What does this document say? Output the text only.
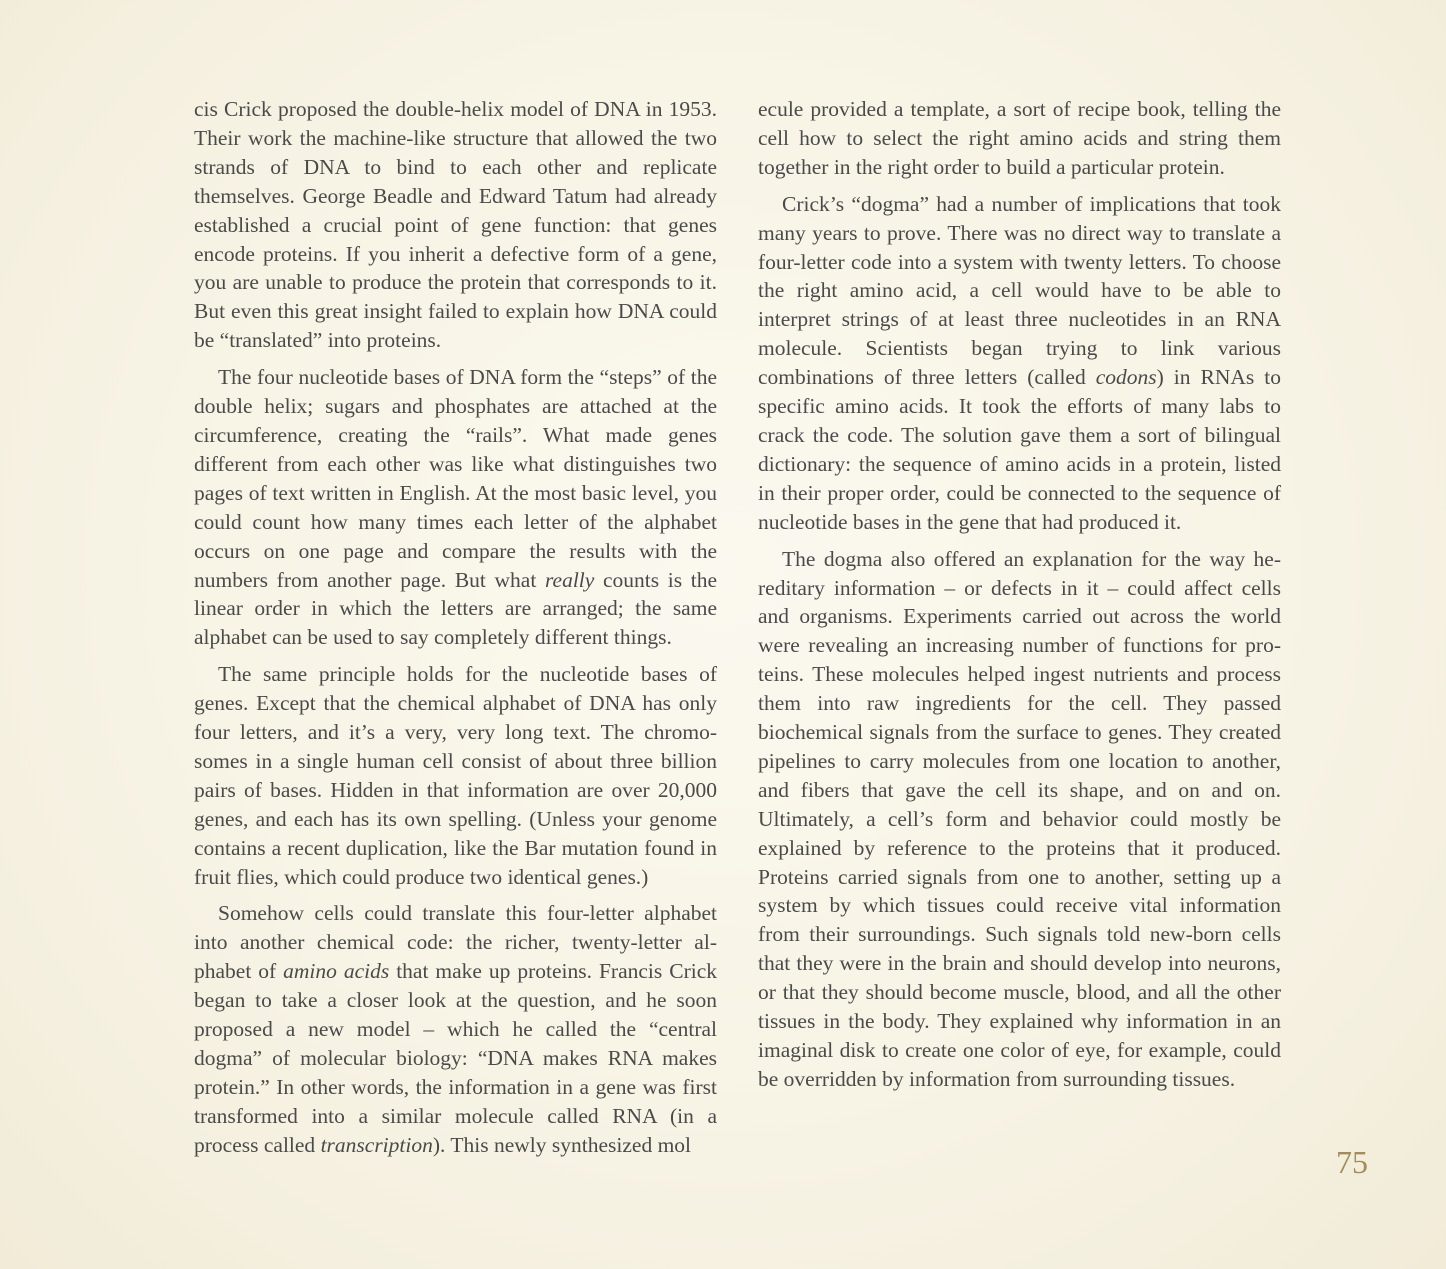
cis Crick proposed the double-helix model of DNA in 1953. Their work the machine-like structure that allowed the two strands of DNA to bind to each other and replicate themselves. George Beadle and Edward Tatum had already established a crucial point of gene function: that genes encode proteins. If you inherit a defective form of a gene, you are unable to produce the protein that corresponds to it. But even this great insight failed to explain how DNA could be “translated” into proteins.

The four nucleotide bases of DNA form the “steps” of the double helix; sugars and phosphates are attached at the circumference, creating the “rails”. What made genes different from each other was like what distinguishes two pages of text written in English. At the most basic level, you could count how many times each letter of the alphabet occurs on one page and compare the results with the numbers from another page. But what really counts is the linear order in which the letters are arranged; the same alphabet can be used to say completely different things.

The same principle holds for the nucleotide bases of genes. Except that the chemical alphabet of DNA has only four letters, and it’s a very, very long text. The chromosomes in a single human cell consist of about three billion pairs of bases. Hidden in that information are over 20,000 genes, and each has its own spelling. (Unless your genome contains a recent duplication, like the Bar mutation found in fruit flies, which could produce two identical genes.)

Somehow cells could translate this four-letter alphabet into another chemical code: the richer, twenty-letter alphabet of amino acids that make up proteins. Francis Crick began to take a closer look at the question, and he soon proposed a new model – which he called the “central dogma” of molecular biology: “DNA makes RNA makes protein.” In other words, the information in a gene was first transformed into a similar molecule called RNA (in a process called transcription). This newly synthesized mol

ecule provided a template, a sort of recipe book, telling the cell how to select the right amino acids and string them together in the right order to build a particular protein.

Crick’s “dogma” had a number of implications that took many years to prove. There was no direct way to translate a four-letter code into a system with twenty letters. To choose the right amino acid, a cell would have to be able to interpret strings of at least three nucleotides in an RNA molecule. Scientists began trying to link various combinations of three letters (called codons) in RNAs to specific amino acids. It took the efforts of many labs to crack the code. The solution gave them a sort of bilingual dictionary: the sequence of amino acids in a protein, listed in their proper order, could be connected to the sequence of nucleotide bases in the gene that had produced it.

The dogma also offered an explanation for the way hereditary information – or defects in it – could affect cells and organisms. Experiments carried out across the world were revealing an increasing number of functions for proteins. These molecules helped ingest nutrients and process them into raw ingredients for the cell. They passed biochemical signals from the surface to genes. They created pipelines to carry molecules from one location to another, and fibers that gave the cell its shape, and on and on. Ultimately, a cell’s form and behavior could mostly be explained by reference to the proteins that it produced. Proteins carried signals from one to another, setting up a system by which tissues could receive vital information from their surroundings. Such signals told new-born cells that they were in the brain and should develop into neurons, or that they should become muscle, blood, and all the other tissues in the body. They explained why information in an imaginal disk to create one color of eye, for example, could be overridden by information from surrounding tissues.

75
